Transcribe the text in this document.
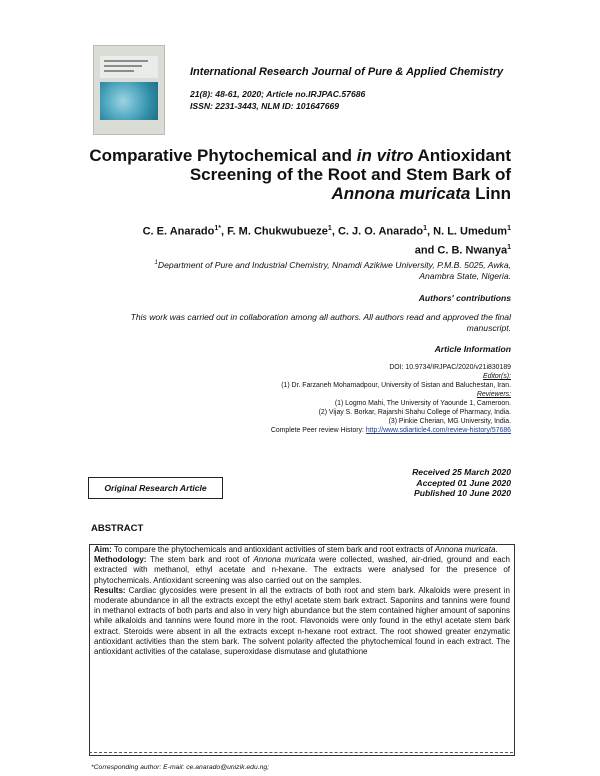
International Research Journal of Pure & Applied Chemistry
21(8): 48-61, 2020; Article no.IRJPAC.57686
ISSN: 2231-3443, NLM ID: 101647669
Comparative Phytochemical and in vitro Antioxidant
Screening of the Root and Stem Bark of
Annona muricata Linn
C. E. Anarado$^{1*}$, F. M. Chukwubueze$^1$, C. J. O. Anarado$^1$, N. L. Umedum$^1$
and C. B. Nwanya$^1$
$^1$Department of Pure and Industrial Chemistry, Nnamdi Azikiwe University, P.M.B. 5025, Awka,
Anambra State, Nigeria.
Authors' contributions
This work was carried out in collaboration among all authors. All authors read and approved the final
manuscript.
Article Information
DOI: 10.9734/IRJPAC/2020/v21i830189
Editor(s):
(1) Dr. Farzaneh Mohamadpour, University of Sistan and Baluchestan, Iran.
Reviewers:
(1) Logmo Mahi, The University of Yaounde 1, Cameroon.
(2) Vijay S. Borkar, Rajarshi Shahu College of Pharmacy, India.
(3) Pinkie Cherian, MG University, India.
Complete Peer review History: http://www.sdiarticle4.com/review-history/57686
Received 25 March 2020
Accepted 01 June 2020
Published 10 June 2020
Original Research Article
ABSTRACT

Aim: To compare the phytochemicals and antioxidant activities of stem bark and root extracts of Annona muricata.

Methodology: The stem bark and root of Annona muricata were collected, washed, air-dried, ground and each extracted with methanol, ethyl acetate and n-hexane. The extracts were analysed for the presence of phytochemicals. Antioxidant screening was also carried out on the samples.

Results: Cardiac glycosides were present in all the extracts of both root and stem bark. Alkaloids were present in moderate abundance in all the extracts except the ethyl acetate stem bark extract. Saponins and tannins were found in methanol extracts of both parts and also in very high abundance but the stem contained higher amount of saponins while alkaloids and tannins were found more in the root. Flavonoids were only found in the ethyl acetate stem bark extract. Steroids were absent in all the extracts except n-hexane root extract. The root showed greater enzymatic antioxidant activities than the stem bark. The solvent polarity affected the phytochemical found in each extract. The antioxidant activities of the catalase, superoxidase dismutase and glutathione

*Corresponding author: E-mail: ce.anarado@unizik.edu.ng;
